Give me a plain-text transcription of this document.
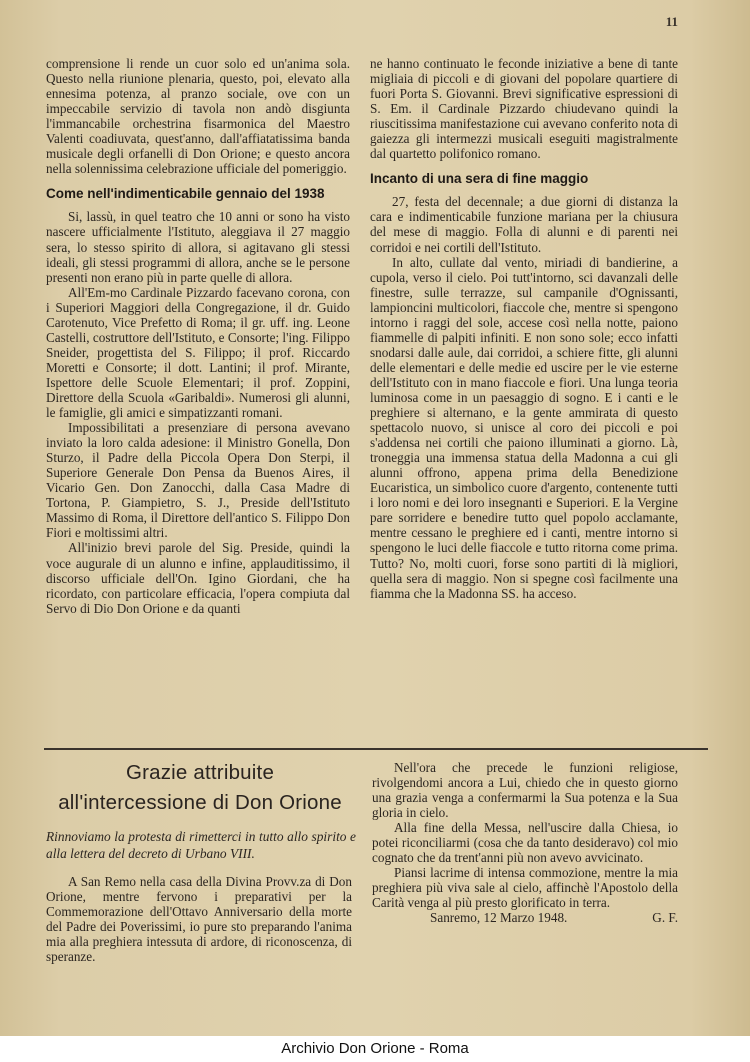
11

comprensione li rende un cuor solo ed un'anima sola. Questo nella riunione plenaria, questo, poi, elevato alla ennesima potenza, al pranzo sociale, ove con un impeccabile servizio di tavola non andò disgiunta l'immancabile orchestrina fisarmonica del Maestro Valenti coadiuvata, quest'anno, dall'affiatatissima banda musicale degli orfanelli di Don Orione; e questo ancora nella solennissima celebrazione ufficiale del pomeriggio.

Come nell'indimenticabile gennaio del 1938

Si, lassù, in quel teatro che 10 anni or sono ha visto nascere ufficialmente l'Istituto, aleggiava il 27 maggio sera, lo stesso spirito di allora, si agitavano gli stessi ideali, gli stessi programmi di allora, anche se le persone presenti non erano più in parte quelle di allora.

All'Em-mo Cardinale Pizzardo facevano corona, con i Superiori Maggiori della Congregazione, il dr. Guido Carotenuto, Vice Prefetto di Roma; il gr. uff. ing. Leone Castelli, costruttore dell'Istituto, e Consorte; l'ing. Filippo Sneider, progettista del S. Filippo; il prof. Riccardo Moretti e Consorte; il dott. Lantini; il prof. Mirante, Ispettore delle Scuole Elementari; il prof. Zoppini, Direttore della Scuola «Garibaldi». Numerosi gli alunni, le famiglie, gli amici e simpatizzanti romani.

Impossibilitati a presenziare di persona avevano inviato la loro calda adesione: il Ministro Gonella, Don Sturzo, il Padre della Piccola Opera Don Sterpi, il Superiore Generale Don Pensa da Buenos Aires, il Vicario Gen. Don Zanocchi, dalla Casa Madre di Tortona, P. Giampietro, S. J., Preside dell'Istituto Massimo di Roma, il Direttore dell'antico S. Filippo Don Fiori e moltissimi altri.

All'inizio brevi parole del Sig. Preside, quindi la voce augurale di un alunno e infine, applauditissimo, il discorso ufficiale dell'On. Igino Giordani, che ha ricordato, con particolare efficacia, l'opera compiuta dal Servo di Dio Don Orione e da quanti

ne hanno continuato le feconde iniziative a bene di tante migliaia di piccoli e di giovani del popolare quartiere di fuori Porta S. Giovanni. Brevi significative espressioni di S. Em. il Cardinale Pizzardo chiudevano quindi la riuscitissima manifestazione cui avevano conferito nota di gaiezza gli intermezzi musicali eseguiti magistralmente dal quartetto polifonico romano.

Incanto di una sera di fine maggio

27, festa del decennale; a due giorni di distanza la cara e indimenticabile funzione mariana per la chiusura del mese di maggio. Folla di alunni e di parenti nei corridoi e nei cortili dell'Istituto.

In alto, cullate dal vento, miriadi di bandierine, a cupola, verso il cielo. Poi tutt'intorno, sci davanzali delle finestre, sulle terrazze, sul campanile d'Ognissanti, lampioncini multicolori, fiaccole che, mentre si spengono intorno i raggi del sole, accese così nella notte, paiono fiammelle di palpiti infiniti. E non sono sole; ecco infatti snodarsi dalle aule, dai corridoi, a schiere fitte, gli alunni delle elementari e delle medie ed uscire per le vie esterne dell'Istituto con in mano fiaccole e fiori. Una lunga teoria luminosa come in un paesaggio di sogno. E i canti e le preghiere si alternano, e la gente ammirata di questo spettacolo nuovo, si unisce al coro dei piccoli e poi s'addensa nei cortili che paiono illuminati a giorno. Là, troneggia una immensa statua della Madonna a cui gli alunni offrono, appena prima della Benedizione Eucaristica, un simbolico cuore d'argento, contenente tutti i loro nomi e dei loro insegnanti e Superiori. E la Vergine pare sorridere e benedire tutto quel popolo acclamante, mentre cessano le preghiere ed i canti, mentre intorno si spengono le luci delle fiaccole e tutto ritorna come prima. Tutto? No, molti cuori, forse sono partiti di là migliori, quella sera di maggio. Non si spegne così facilmente una fiamma che la Madonna SS. ha acceso.

Grazie attribuite
all'intercessione di Don Orione
Rinnoviamo la protesta di rimetterci in tutto allo spirito e alla lettera del decreto di Urbano VIII.

A San Remo nella casa della Divina Provv.za di Don Orione, mentre fervono i preparativi per la Commemorazione dell'Ottavo Anniversario della morte del Padre dei Poverissimi, io pure sto preparando l'anima mia alla preghiera intessuta di ardore, di riconoscenza, di speranze.

Nell'ora che precede le funzioni religiose, rivolgendomi ancora a Lui, chiedo che in questo giorno una grazia venga a confermarmi la Sua potenza e la Sua gloria in cielo.

Alla fine della Messa, nell'uscire dalla Chiesa, io potei riconciliarmi (cosa che da tanto desideravo) col mio cognato che da trent'anni più non avevo avvicinato.

Piansi lacrime di intensa commozione, mentre la mia preghiera più viva sale al cielo, affinchè l'Apostolo della Carità venga al più presto glorificato in terra.

Sanremo, 12 Marzo 1948.	G. F.

Archivio Don Orione - Roma
